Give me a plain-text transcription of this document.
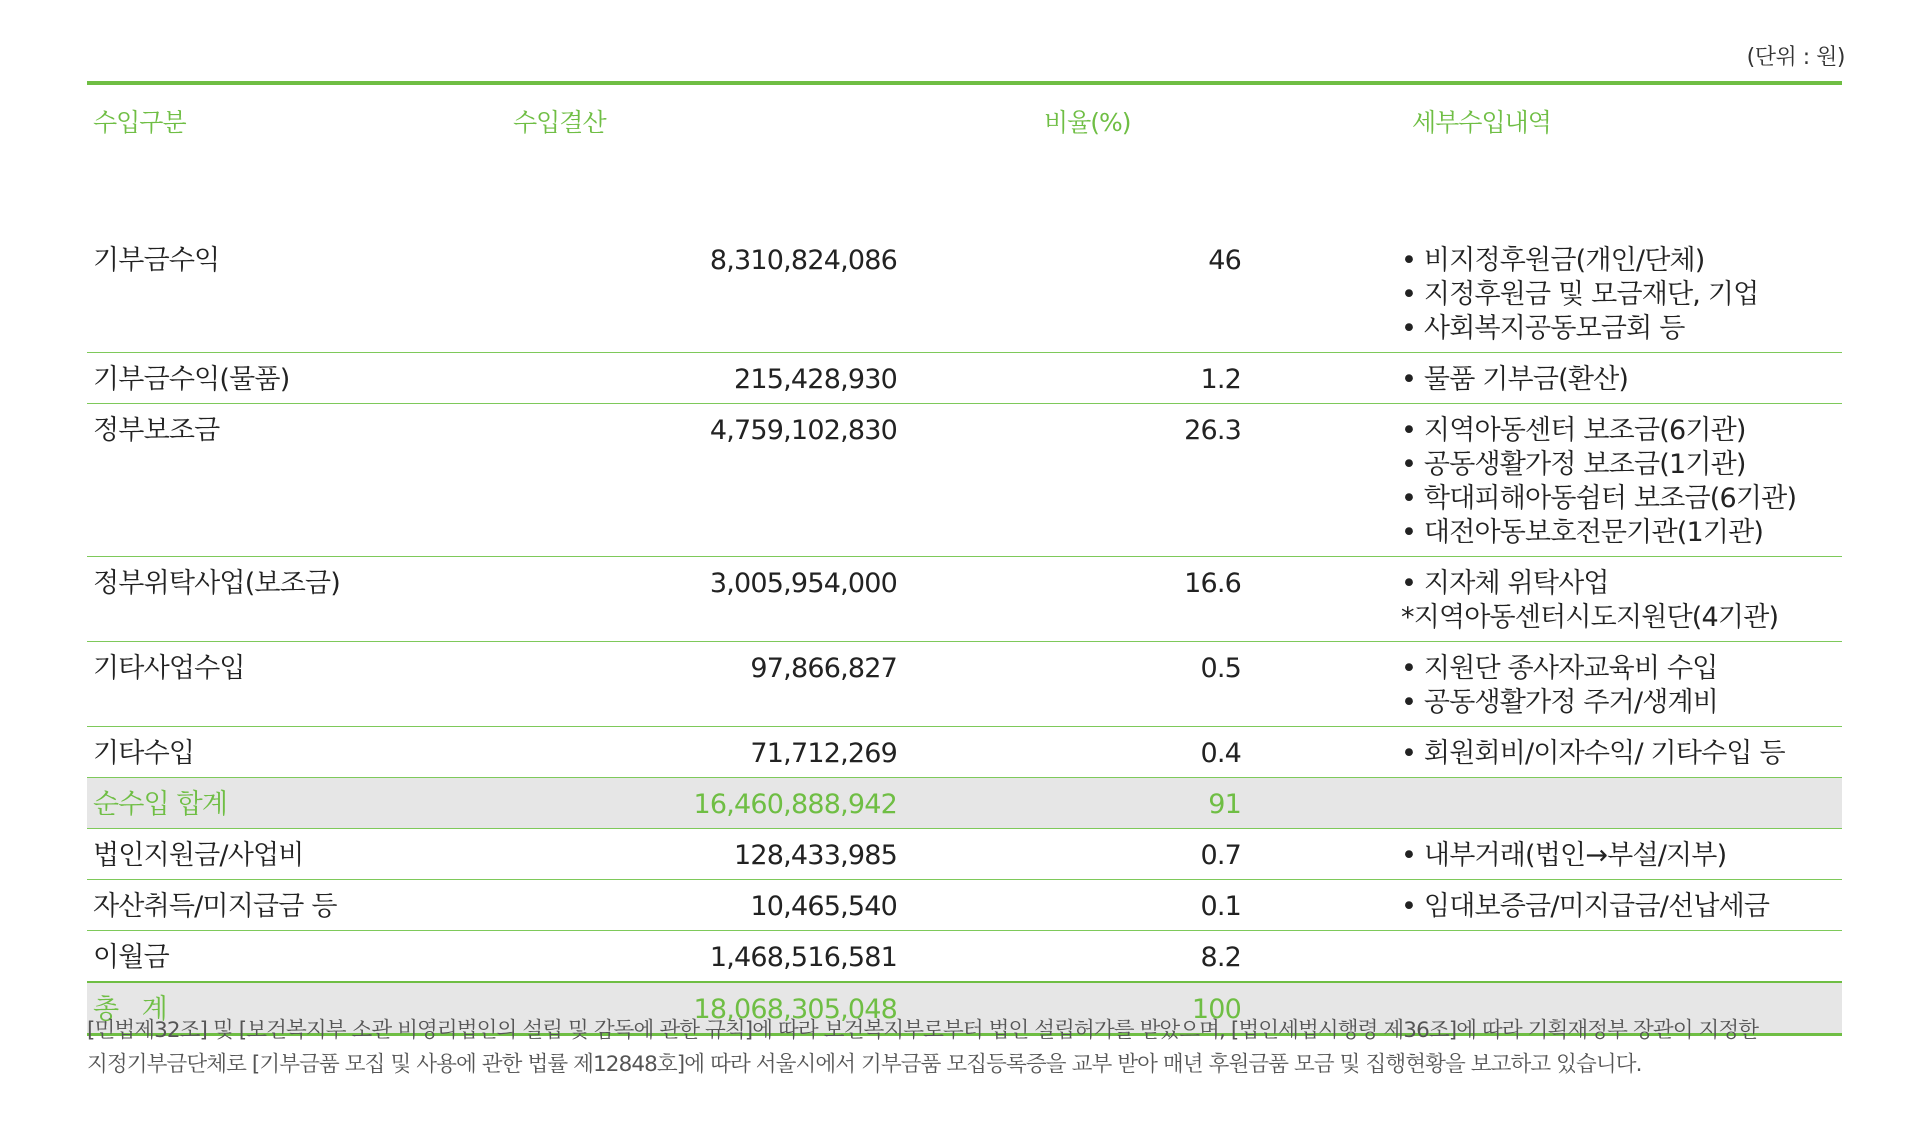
(단위 : 원)
수입구분	수입결산	비율(%)	세부수입내역
기부금수익	8,310,824,086	46	• 비지정후원금(개인/단체)
• 지정후원금 및 모금재단, 기업
• 사회복지공동모금회 등
기부금수익(물품)	215,428,930	1.2	• 물품 기부금(환산)
정부보조금	4,759,102,830	26.3	• 지역아동센터 보조금(6기관)
• 공동생활가정 보조금(1기관)
• 학대피해아동쉼터 보조금(6기관)
• 대전아동보호전문기관(1기관)
정부위탁사업(보조금)	3,005,954,000	16.6	• 지자체 위탁사업
*지역아동센터시도지원단(4기관)
기타사업수입	97,866,827	0.5	• 지원단 종사자교육비 수입
• 공동생활가정 주거/생계비
기타수입	71,712,269	0.4	• 회원회비/이자수익/ 기타수입 등
순수입 합계	16,460,888,942	91
법인지원금/사업비	128,433,985	0.7	• 내부거래(법인→부설/지부)
자산취득/미지급금 등	10,465,540	0.1	• 임대보증금/미지급금/선납세금
이월금	1,468,516,581	8.2
총   계	18,068,305,048	100
[민법제32조] 및 [보건복지부 소관 비영리법인의 설립 및 감독에 관한 규칙]에 따라 보건복지부로부터 법인 설립허가를 받았으며, [법인세법시행령 제36조]에 따라 기획재정부 장관이 지정한
지정기부금단체로 [기부금품 모집 및 사용에 관한 법률 제12848호]에 따라 서울시에서 기부금품 모집등록증을 교부 받아 매년 후원금품 모금 및 집행현황을 보고하고 있습니다.
